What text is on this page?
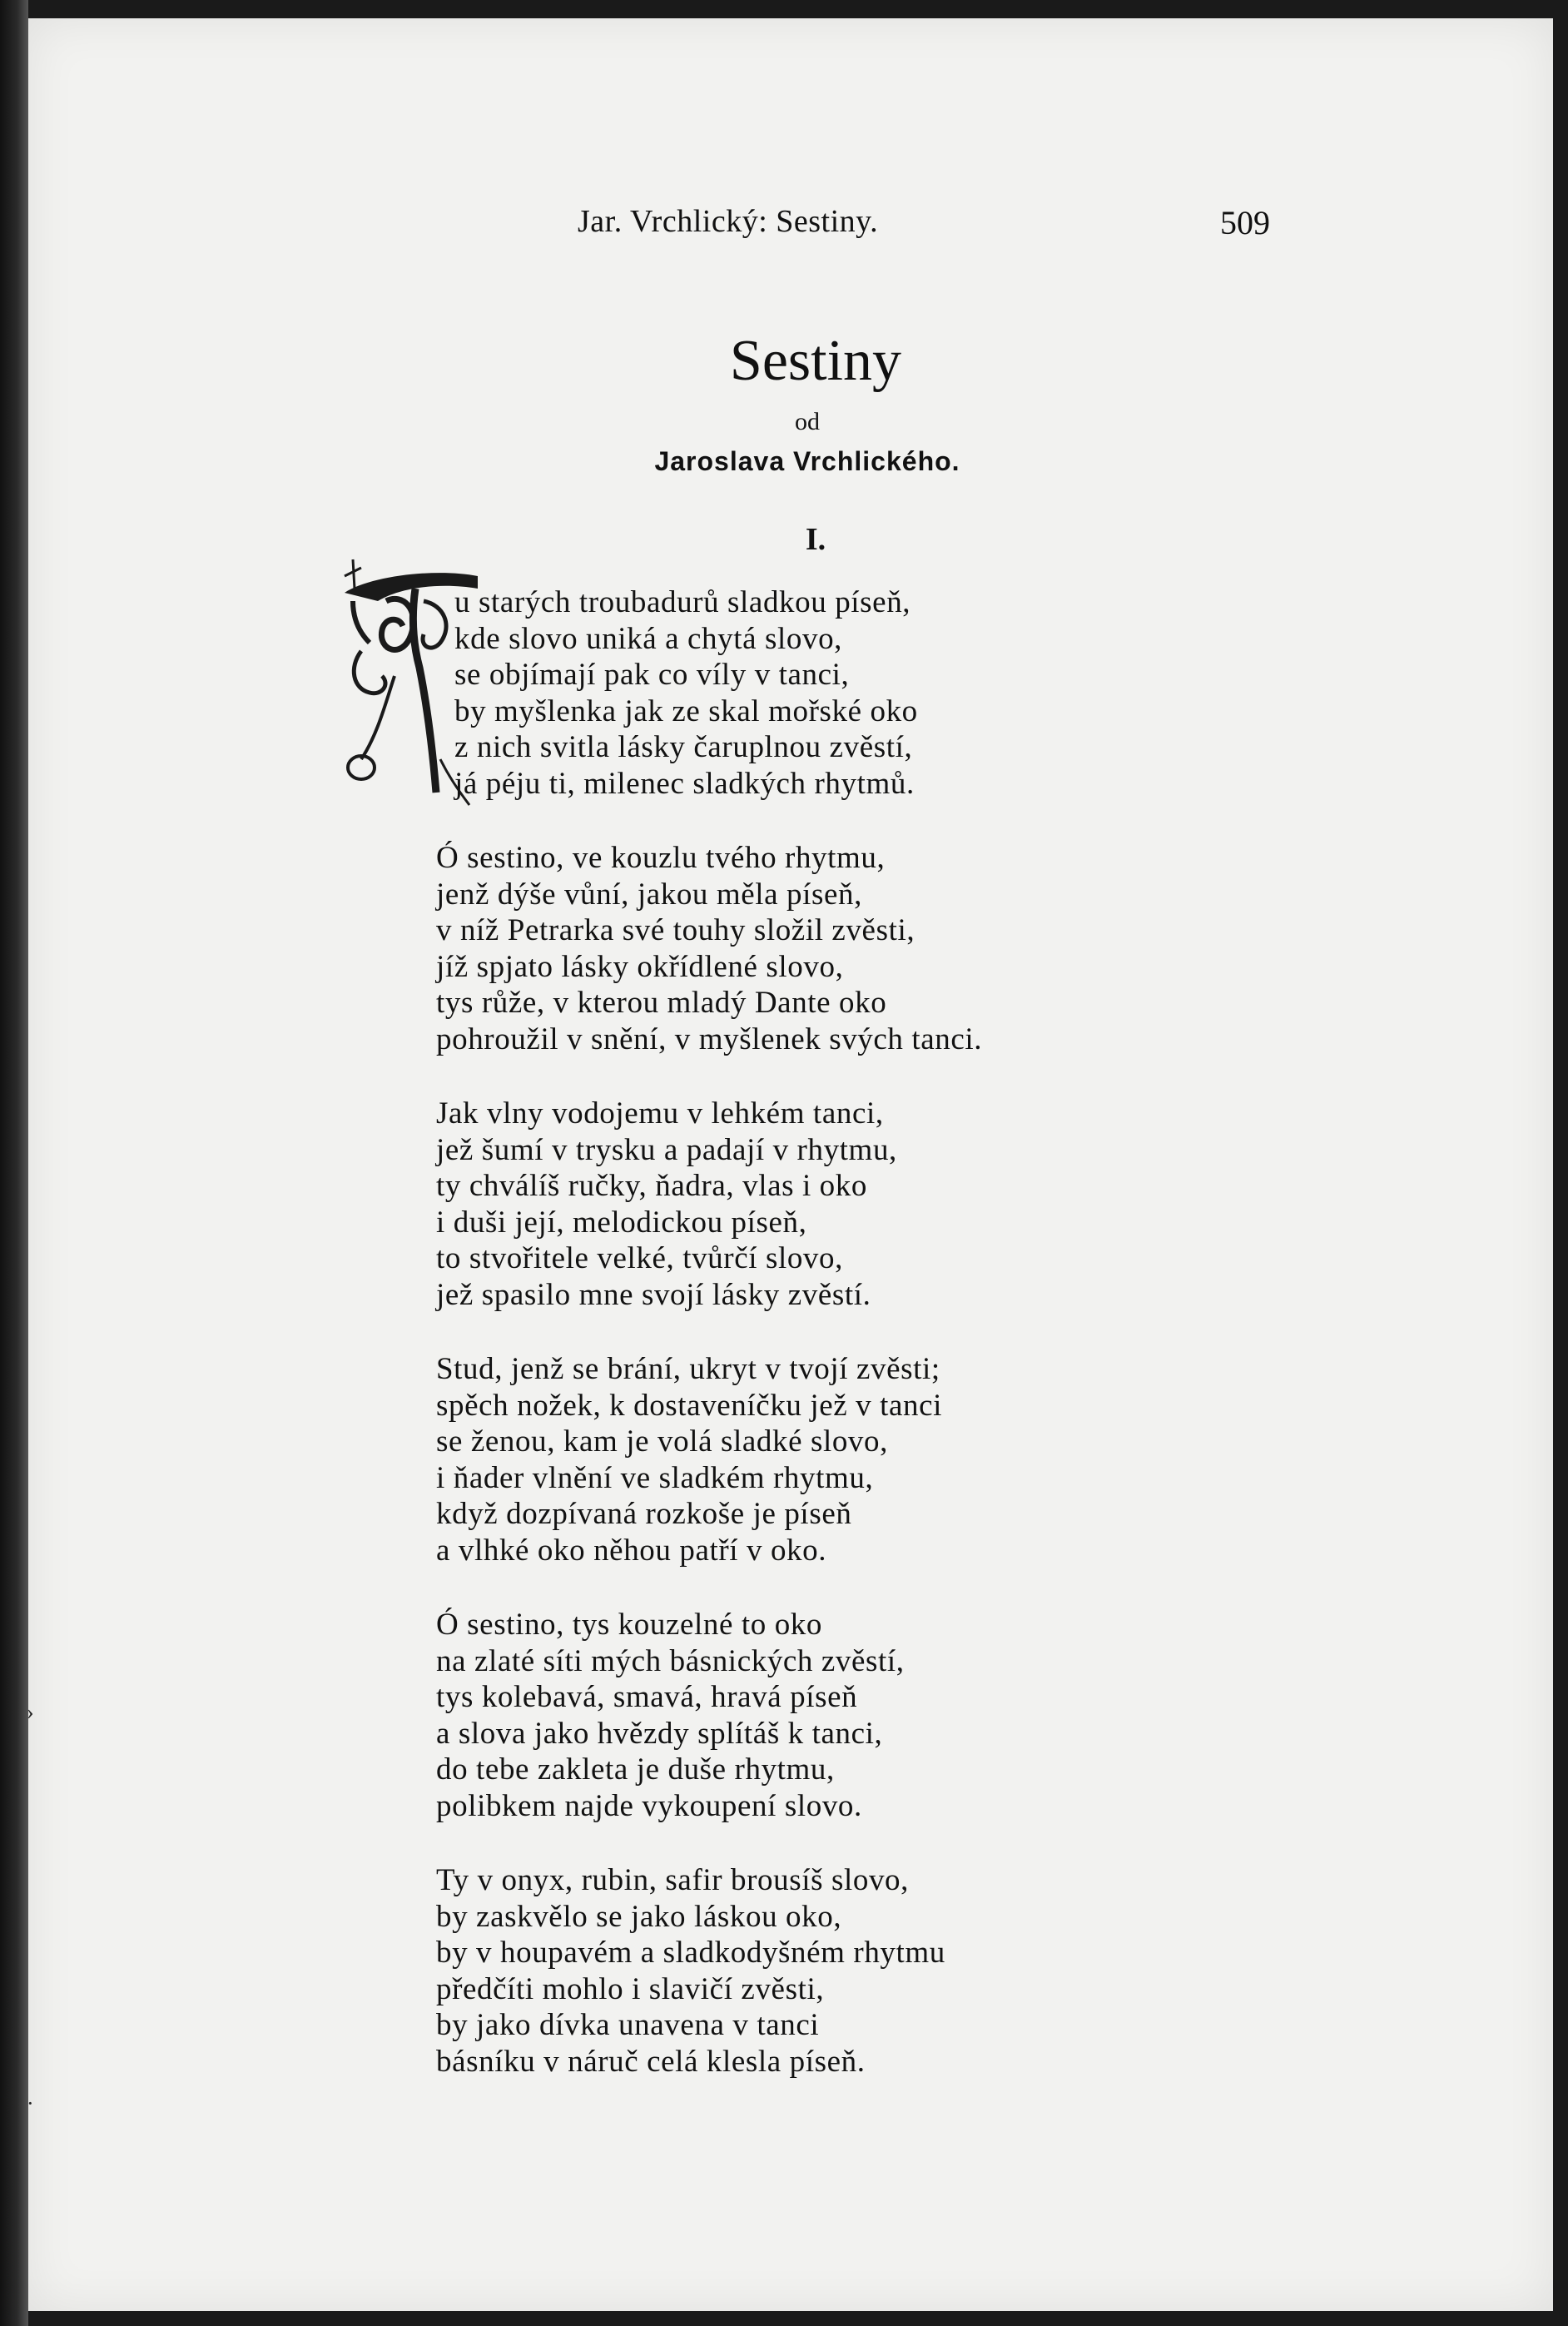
Jar. Vrchlický: Sestiny.	509
Sestiny
od
Jaroslava Vrchlického.
I.
u starých troubadurů sladkou píseň,
kde slovo uniká a chytá slovo,
se objímají pak co víly v tanci,
by myšlenka jak ze skal mořské oko
z nich svitla lásky čaruplnou zvěstí,
já péju ti, milenec sladkých rhytmů.
Ó sestino, ve kouzlu tvého rhytmu,
jenž dýše vůní, jakou měla píseň,
v níž Petrarka své touhy složil zvěsti,
jíž spjato lásky okřídlené slovo,
tys růže, v kterou mladý Dante oko
pohroužil v snění, v myšlenek svých tanci.
Jak vlny vodojemu v lehkém tanci,
jež šumí v trysku a padají v rhytmu,
ty chválíš ručky, ňadra, vlas i oko
i duši její, melodickou píseň,
to stvořitele velké, tvůrčí slovo,
jež spasilo mne svojí lásky zvěstí.
Stud, jenž se brání, ukryt v tvojí zvěsti;
spěch nožek, k dostaveníčku jež v tanci
se ženou, kam je volá sladké slovo,
i ňader vlnění ve sladkém rhytmu,
když dozpívaná rozkoše je píseň
a vlhké oko něhou patří v oko.
Ó sestino, tys kouzelné to oko
na zlaté síti mých básnických zvěstí,
tys kolebavá, smavá, hravá píseň
a slova jako hvězdy splítáš k tanci,
do tebe zakleta je duše rhytmu,
polibkem najde vykoupení slovo.
Ty v onyx, rubin, safir brousíš slovo,
by zaskvělo se jako láskou oko,
by v houpavém a sladkodyšném rhytmu
předčíti mohlo i slavičí zvěsti,
by jako dívka unavena v tanci
básníku v náruč celá klesla píseň.
›
·
